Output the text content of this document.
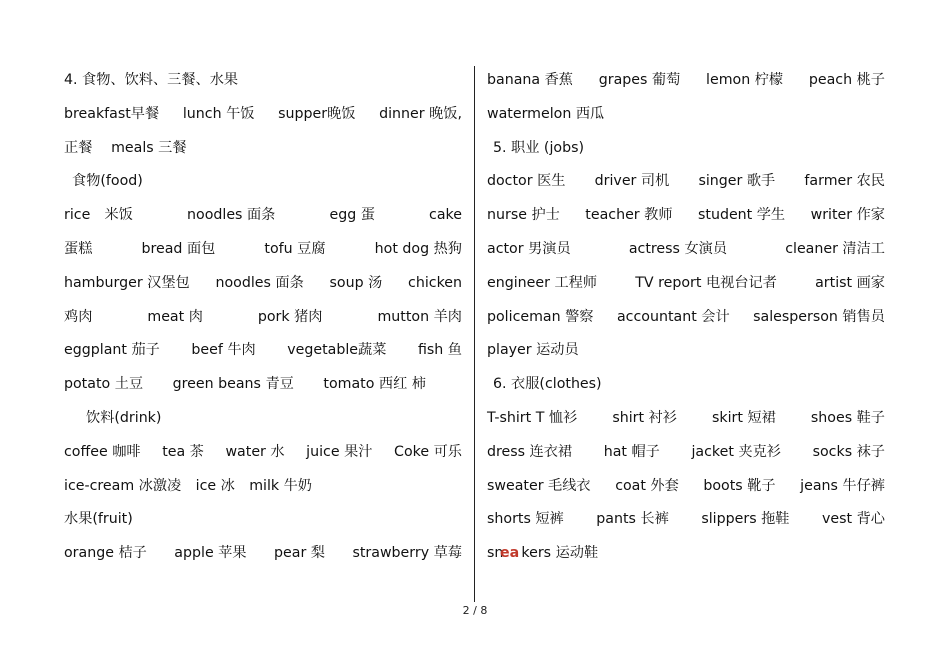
4. 食物、饮料、三餐、水果
breakfast早餐 lunch 午饭 supper晚饭 dinner 晚饭,
正餐　 meals 三餐
食物(food)
rice　米饭	noodles 面条	egg 蛋	cake
蛋糕	bread 面包	tofu 豆腐	hot dog 热狗
hamburger 汉堡包 noodles 面条 soup 汤 chicken
鸡肉	meat 肉	pork 猪肉	mutton 羊肉
eggplant 茄子 beef 牛肉 vegetable蔬菜 fish 鱼
potato 土豆 green beans 青豆 tomato 西红 柿
饮料(drink)
coffee 咖啡 tea 茶 water 水 juice 果汁 Coke 可乐
ice-cream 冰激凌 ice 冰 milk 牛奶
水果(fruit)
orange 桔子 apple 苹果 pear 梨 strawberry 草莓
banana 香蕉 grapes 葡萄 lemon 柠檬 peach 桃子
watermelon 西瓜
5. 职业 (jobs)
doctor 医生 driver 司机 singer 歌手 farmer 农民
nurse 护士 teacher 教师 student 学生 writer 作家
actor 男演员	actress 女演员	cleaner 清洁工
engineer 工程师	TV report 电视台记者	artist 画家
policeman 警察 accountant 会计 salesperson 销售员
player 运动员
6. 衣服(clothes)
T-shirt T 恤衫 shirt 衬衫 skirt 短裙 shoes 鞋子
dress 连衣裙 hat 帽子 jacket 夹克衫 socks 袜子
sweater 毛线衣 coat 外套 boots 靴子 jeans 牛仔裤
shorts 短裤 pants 长裤 slippers 拖鞋 vest 背心
sn
ea kers 运动鞋
2 / 8
